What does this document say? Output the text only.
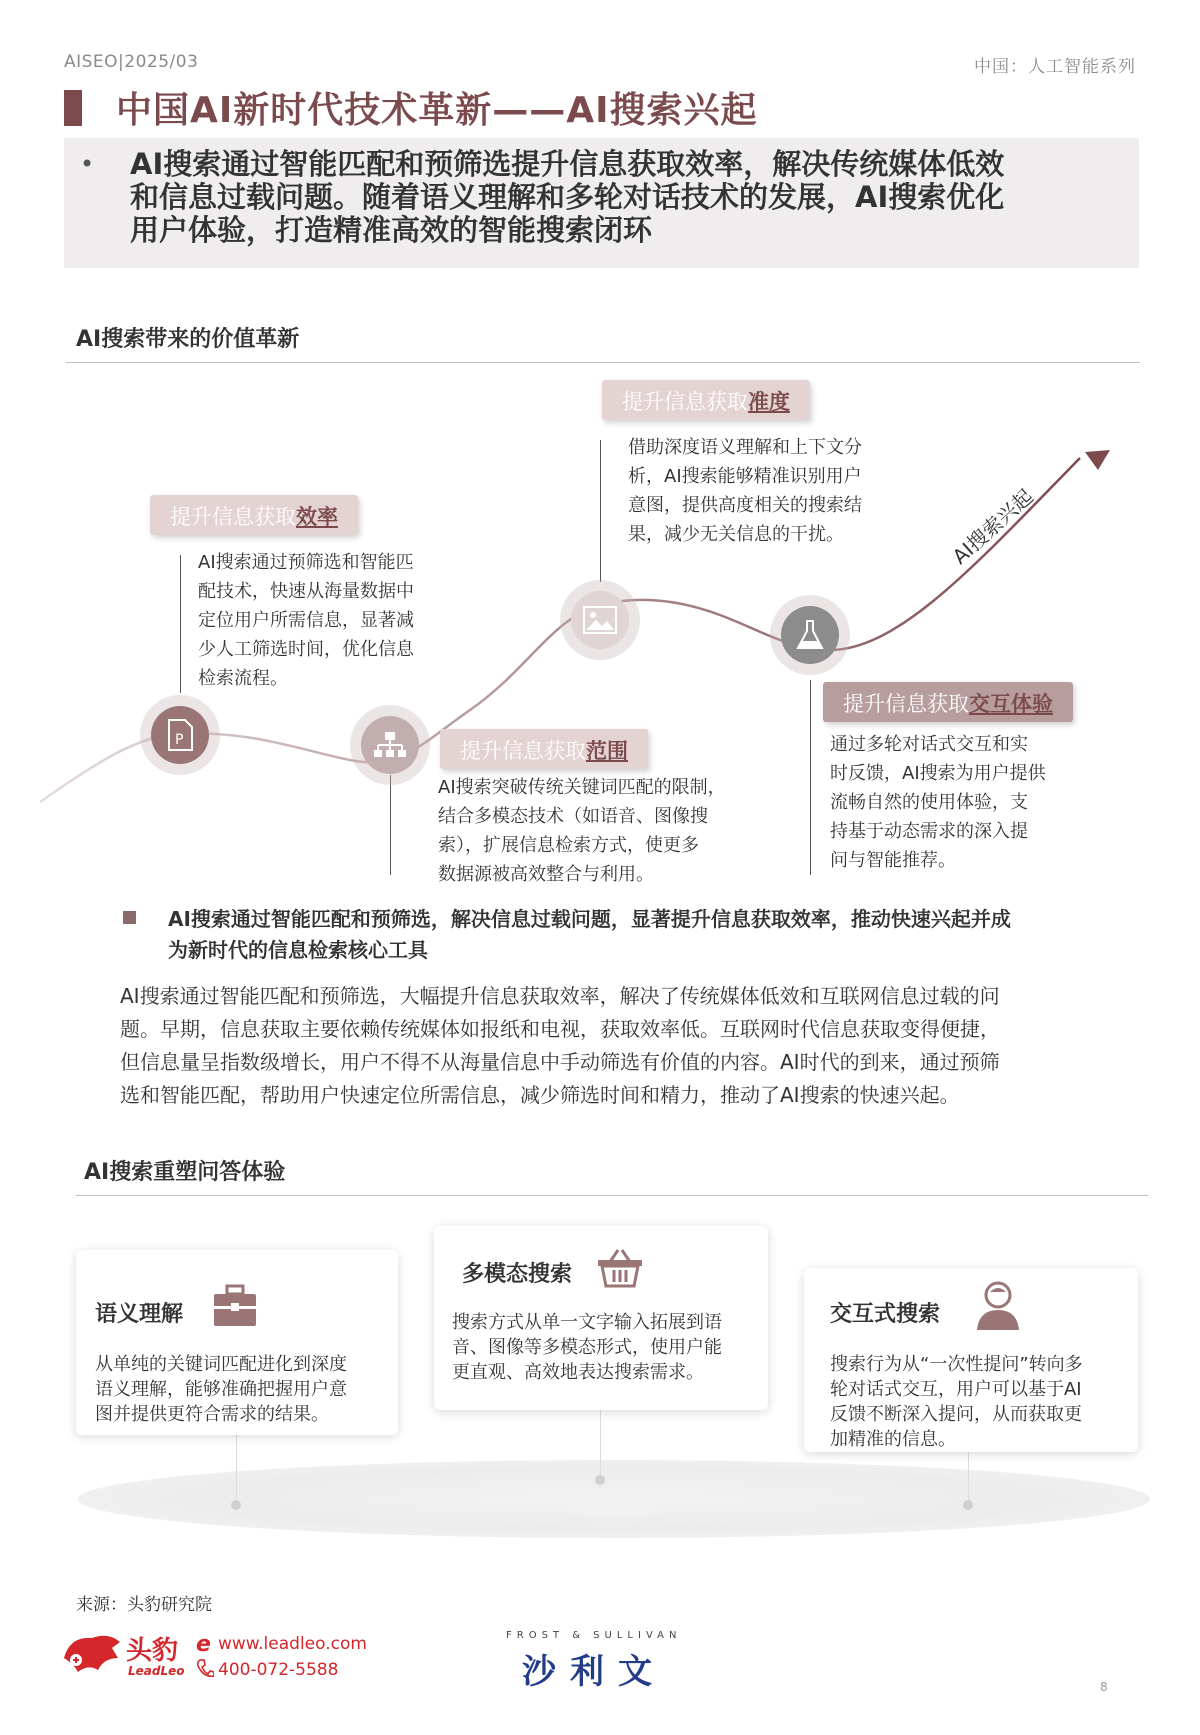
AISEO|2025/03	中国：人工智能系列
中国AI新时代技术革新——AI搜索兴起
• AI搜索通过智能匹配和预筛选提升信息获取效率，解决传统媒体低效
和信息过载问题。随着语义理解和多轮对话技术的发展，AI搜索优化
用户体验，打造精准高效的智能搜索闭环
AI搜索带来的价值革新
AI搜索兴起
P
提升信息获取效率
AI搜索通过预筛选和智能匹
配技术，快速从海量数据中
定位用户所需信息，显著减
少人工筛选时间，优化信息
检索流程。
提升信息获取范围
AI搜索突破传统关键词匹配的限制，
结合多模态技术（如语音、图像搜
索），扩展信息检索方式，使更多
数据源被高效整合与利用。
提升信息获取准度
借助深度语义理解和上下文分
析，AI搜索能够精准识别用户
意图，提供高度相关的搜索结
果，减少无关信息的干扰。
提升信息获取交互体验
通过多轮对话式交互和实
时反馈，AI搜索为用户提供
流畅自然的使用体验，支
持基于动态需求的深入提
问与智能推荐。
AI搜索通过智能匹配和预筛选，解决信息过载问题，显著提升信息获取效率，推动快速兴起并成
为新时代的信息检索核心工具
AI搜索通过智能匹配和预筛选，大幅提升信息获取效率，解决了传统媒体低效和互联网信息过载的问
题。早期，信息获取主要依赖传统媒体如报纸和电视，获取效率低。互联网时代信息获取变得便捷，
但信息量呈指数级增长，用户不得不从海量信息中手动筛选有价值的内容。AI时代的到来，通过预筛
选和智能匹配，帮助用户快速定位所需信息，减少筛选时间和精力，推动了AI搜索的快速兴起。
AI搜索重塑问答体验
语义理解
从单纯的关键词匹配进化到深度
语义理解，能够准确把握用户意
图并提供更符合需求的结果。
多模态搜索
搜索方式从单一文字输入拓展到语
音、图像等多模态形式，使用户能
更直观、高效地表达搜索需求。
交互式搜索
搜索行为从“一次性提问”转向多
轮对话式交互，用户可以基于AI
反馈不断深入提问，从而获取更
加精准的信息。
来源：头豹研究院
头豹
LeadLeo
e www.leadleo.com
400-072-5588
FROST & SULLIVAN
沙利文	8
